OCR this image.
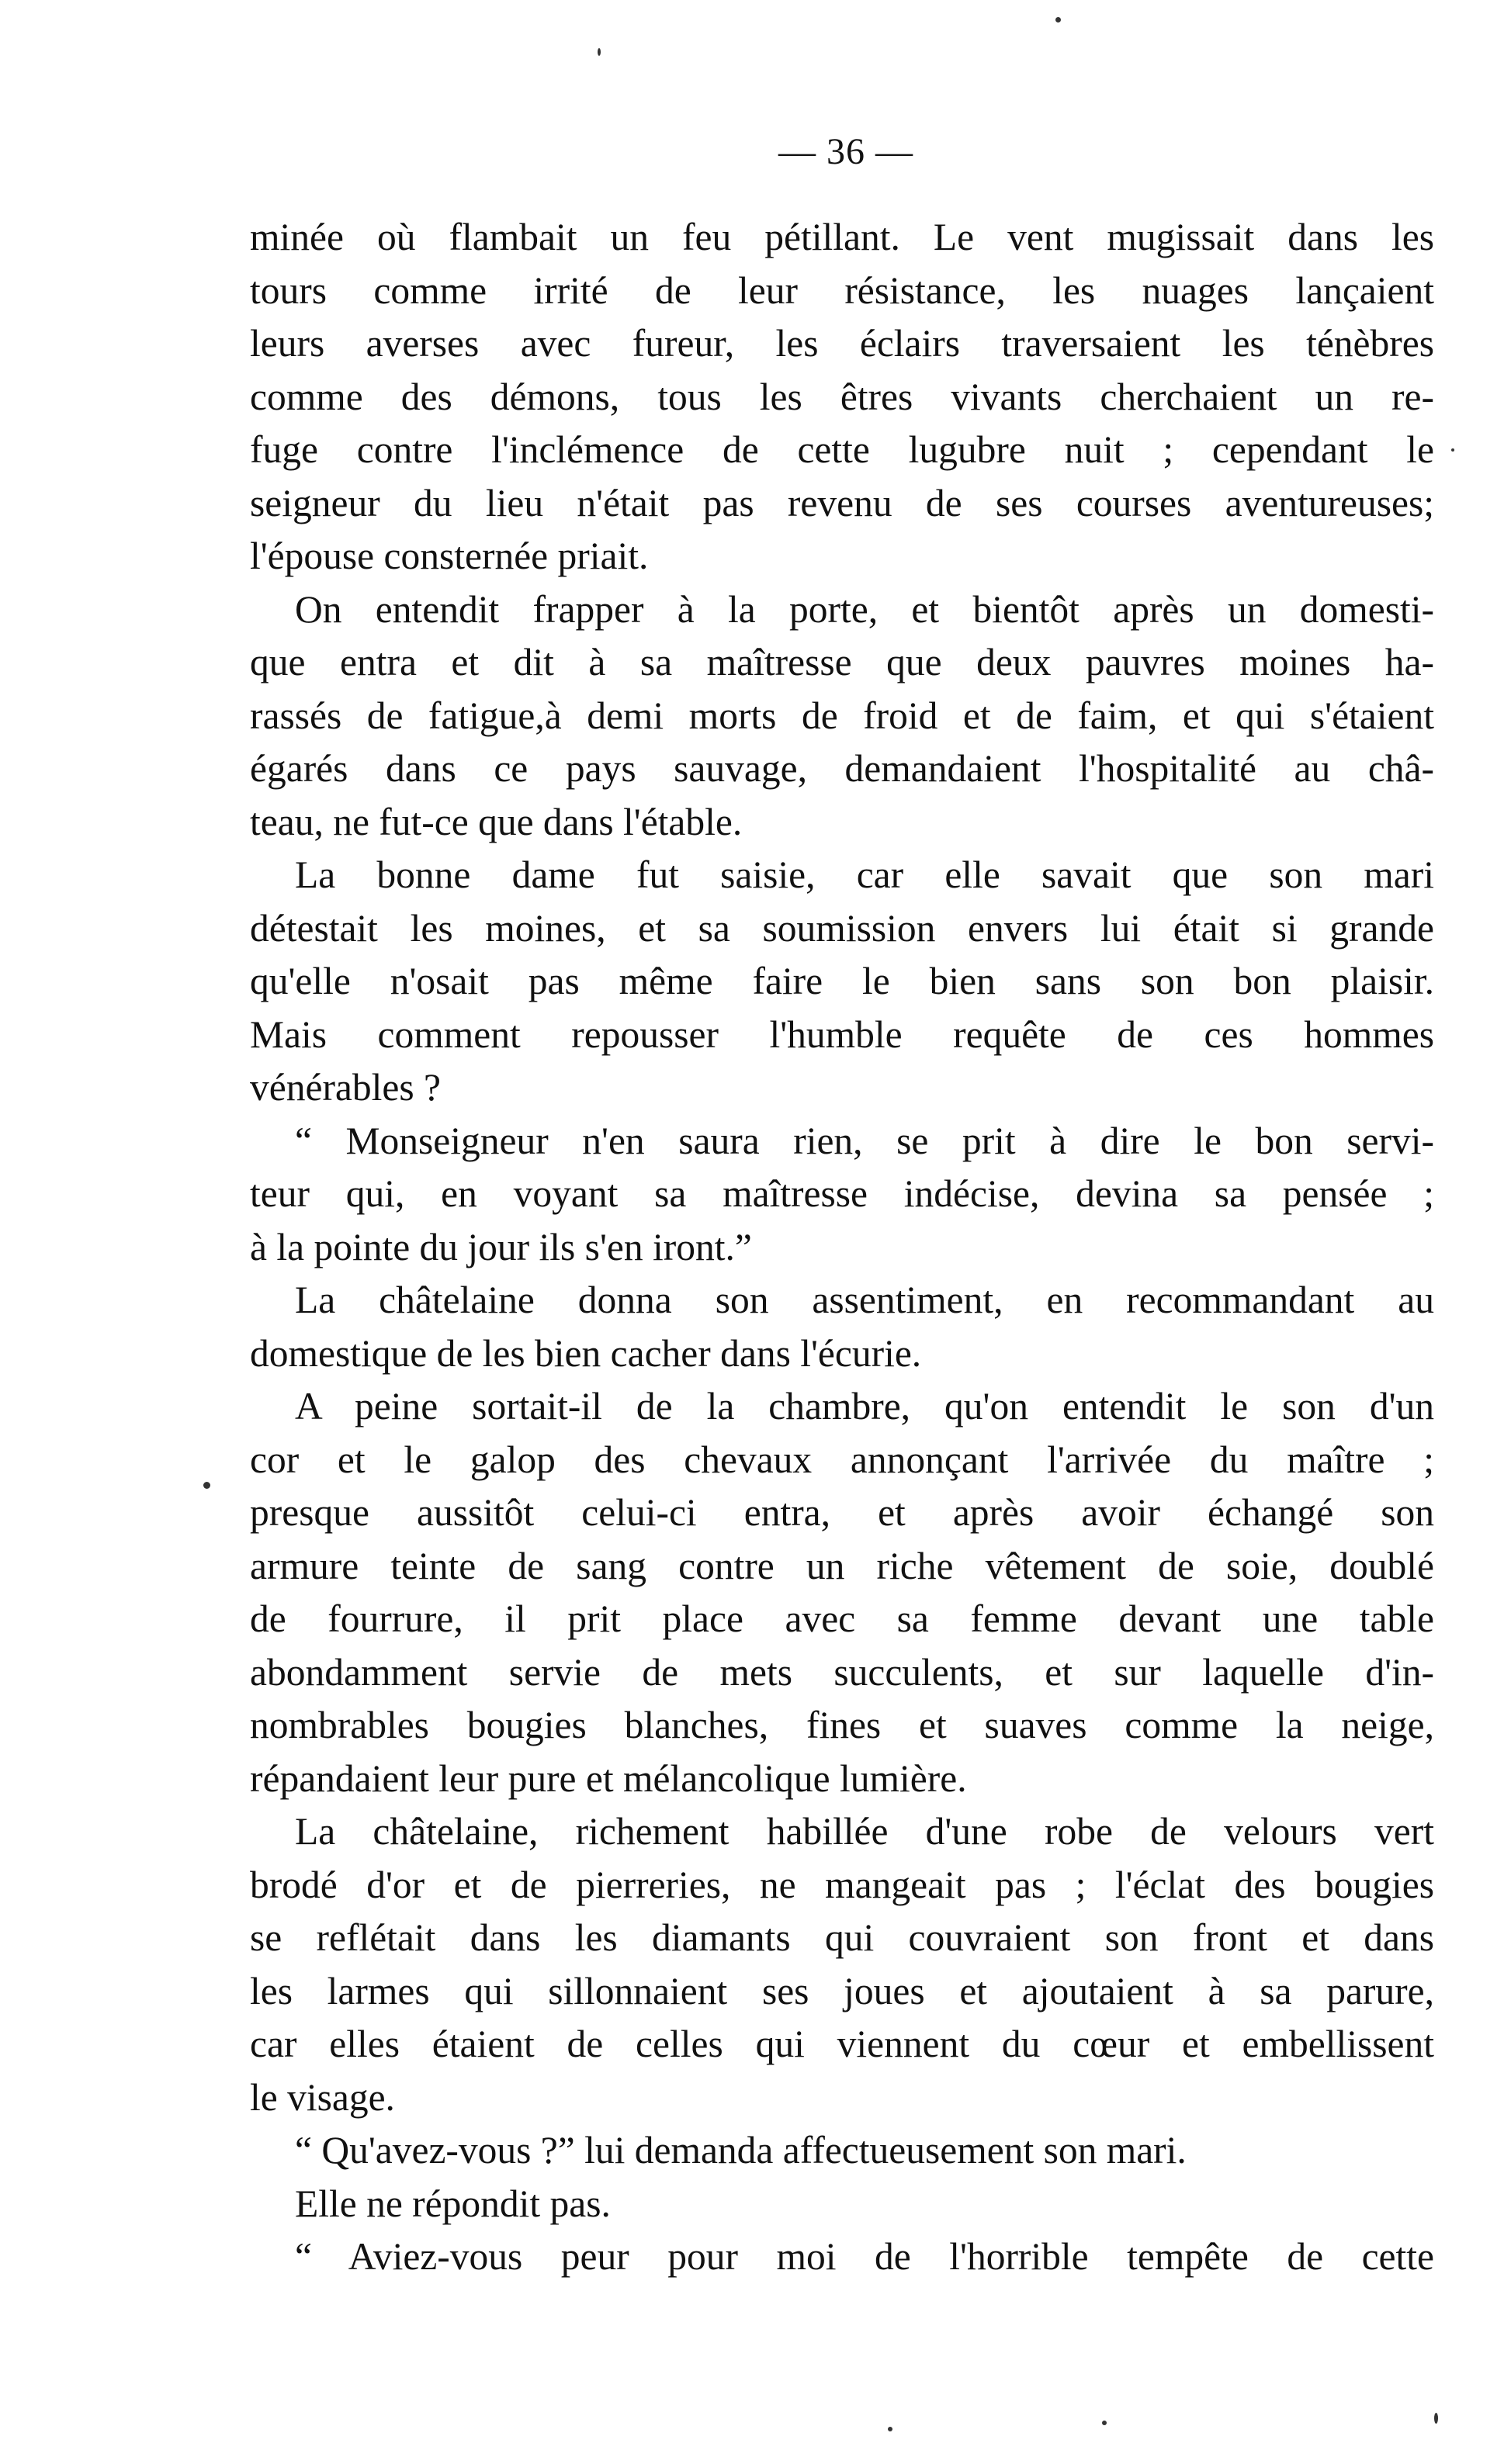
— 36 —
minée où flambait un feu pétillant. Le vent mugissait dans les
tours comme irrité de leur résistance, les nuages lançaient
leurs averses avec fureur, les éclairs traversaient les ténèbres
comme des démons, tous les êtres vivants cherchaient un re-
fuge contre l'inclémence de cette lugubre nuit ; cependant le
seigneur du lieu n'était pas revenu de ses courses aventureuses;
l'épouse consternée priait.
On entendit frapper à la porte, et bientôt après un domesti-
que entra et dit à sa maîtresse que deux pauvres moines ha-
rassés de fatigue,à demi morts de froid et de faim, et qui s'étaient
égarés dans ce pays sauvage, demandaient l'hospitalité au châ-
teau, ne fut-ce que dans l'étable.
La bonne dame fut saisie, car elle savait que son mari
détestait les moines, et sa soumission envers lui était si grande
qu'elle n'osait pas même faire le bien sans son bon plaisir.
Mais comment repousser l'humble requête de ces hommes
vénérables ?
“ Monseigneur n'en saura rien, se prit à dire le bon servi-
teur qui, en voyant sa maîtresse indécise, devina sa pensée ;
à la pointe du jour ils s'en iront.”
La châtelaine donna son assentiment, en recommandant au
domestique de les bien cacher dans l'écurie.
A peine sortait-il de la chambre, qu'on entendit le son d'un
cor et le galop des chevaux annonçant l'arrivée du maître ;
presque aussitôt celui-ci entra, et après avoir échangé son
armure teinte de sang contre un riche vêtement de soie, doublé
de fourrure, il prit place avec sa femme devant une table
abondamment servie de mets succulents, et sur laquelle d'in-
nombrables bougies blanches, fines et suaves comme la neige,
répandaient leur pure et mélancolique lumière.
La châtelaine, richement habillée d'une robe de velours vert
brodé d'or et de pierreries, ne mangeait pas ; l'éclat des bougies
se reflétait dans les diamants qui couvraient son front et dans
les larmes qui sillonnaient ses joues et ajoutaient à sa parure,
car elles étaient de celles qui viennent du cœur et embellissent
le visage.
“ Qu'avez-vous ?” lui demanda affectueusement son mari.
Elle ne répondit pas.
“ Aviez-vous peur pour moi de l'horrible tempête de cette
